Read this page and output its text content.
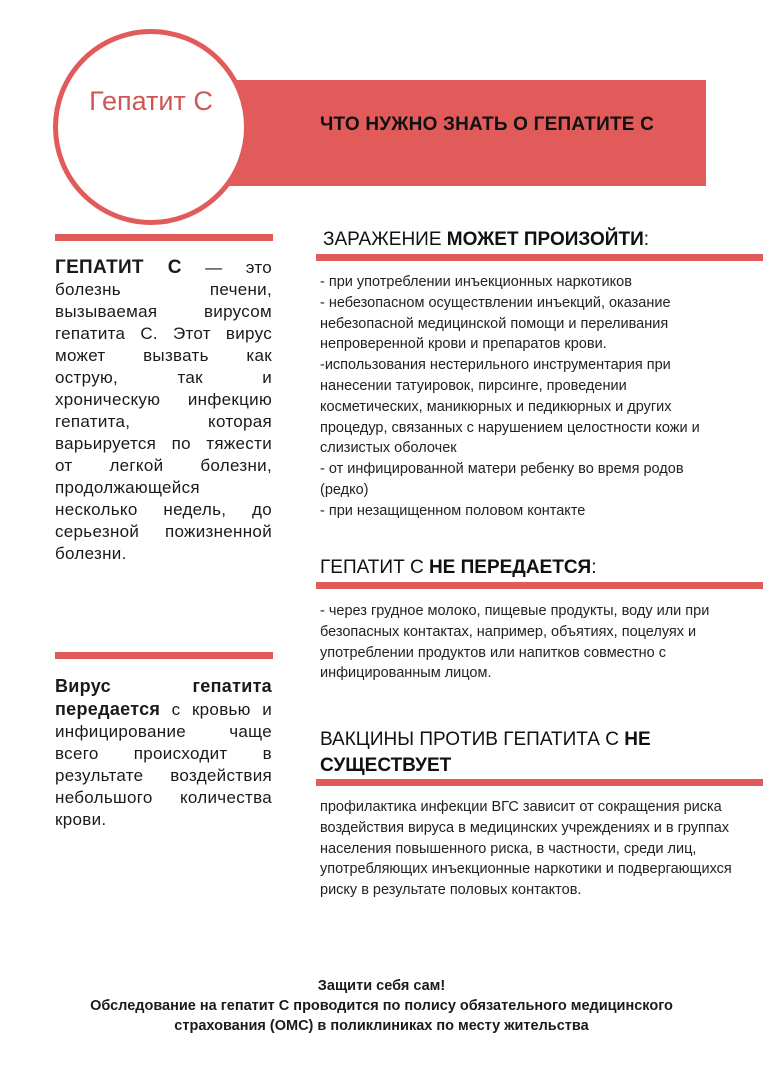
ЧТО НУЖНО ЗНАТЬ О ГЕПАТИТЕ С
Гепатит С
ГЕПАТИТ С — это болезнь печени, вызываемая вирусом гепатита С. Этот вирус может вызвать как острую, так и хроническую инфекцию гепатита, которая варьируется по тяжести от легкой болезни, продолжающейся несколько недель, до серьезной пожизненной болезни.
Вирус гепатита передается с кровью и инфицирование чаще всего происходит в результате воздействия небольшого количества крови.
ЗАРАЖЕНИЕ МОЖЕТ ПРОИЗОЙТИ:
- при употреблении инъекционных наркотиков
- небезопасном осуществлении инъекций, оказание
небезопасной медицинской помощи и переливания
непроверенной крови и препаратов крови.
-использования нестерильного инструментария при
нанесении татуировок, пирсинге, проведении
косметических, маникюрных и педикюрных и других
процедур, связанных с нарушением целостности кожи и
слизистых оболочек
- от инфицированной матери ребенку во время родов
(редко)
- при незащищенном половом контакте
ГЕПАТИТ С НЕ ПЕРЕДАЕТСЯ:
- через грудное молоко, пищевые продукты, воду или при
безопасных контактах, например, объятиях, поцелуях и
употреблении продуктов или напитков совместно с
инфицированным лицом.
ВАКЦИНЫ ПРОТИВ ГЕПАТИТА С НЕ
СУЩЕСТВУЕТ
профилактика инфекции ВГС зависит от сокращения риска
воздействия вируса в медицинских учреждениях и в группах
населения повышенного риска, в частности, среди лиц,
употребляющих инъекционные наркотики и подвергающихся
риску в результате половых контактов.
Защити себя сам!
Обследование на гепатит С проводится по полису обязательного медицинского
страхования (ОМС) в поликлиниках по месту жительства
